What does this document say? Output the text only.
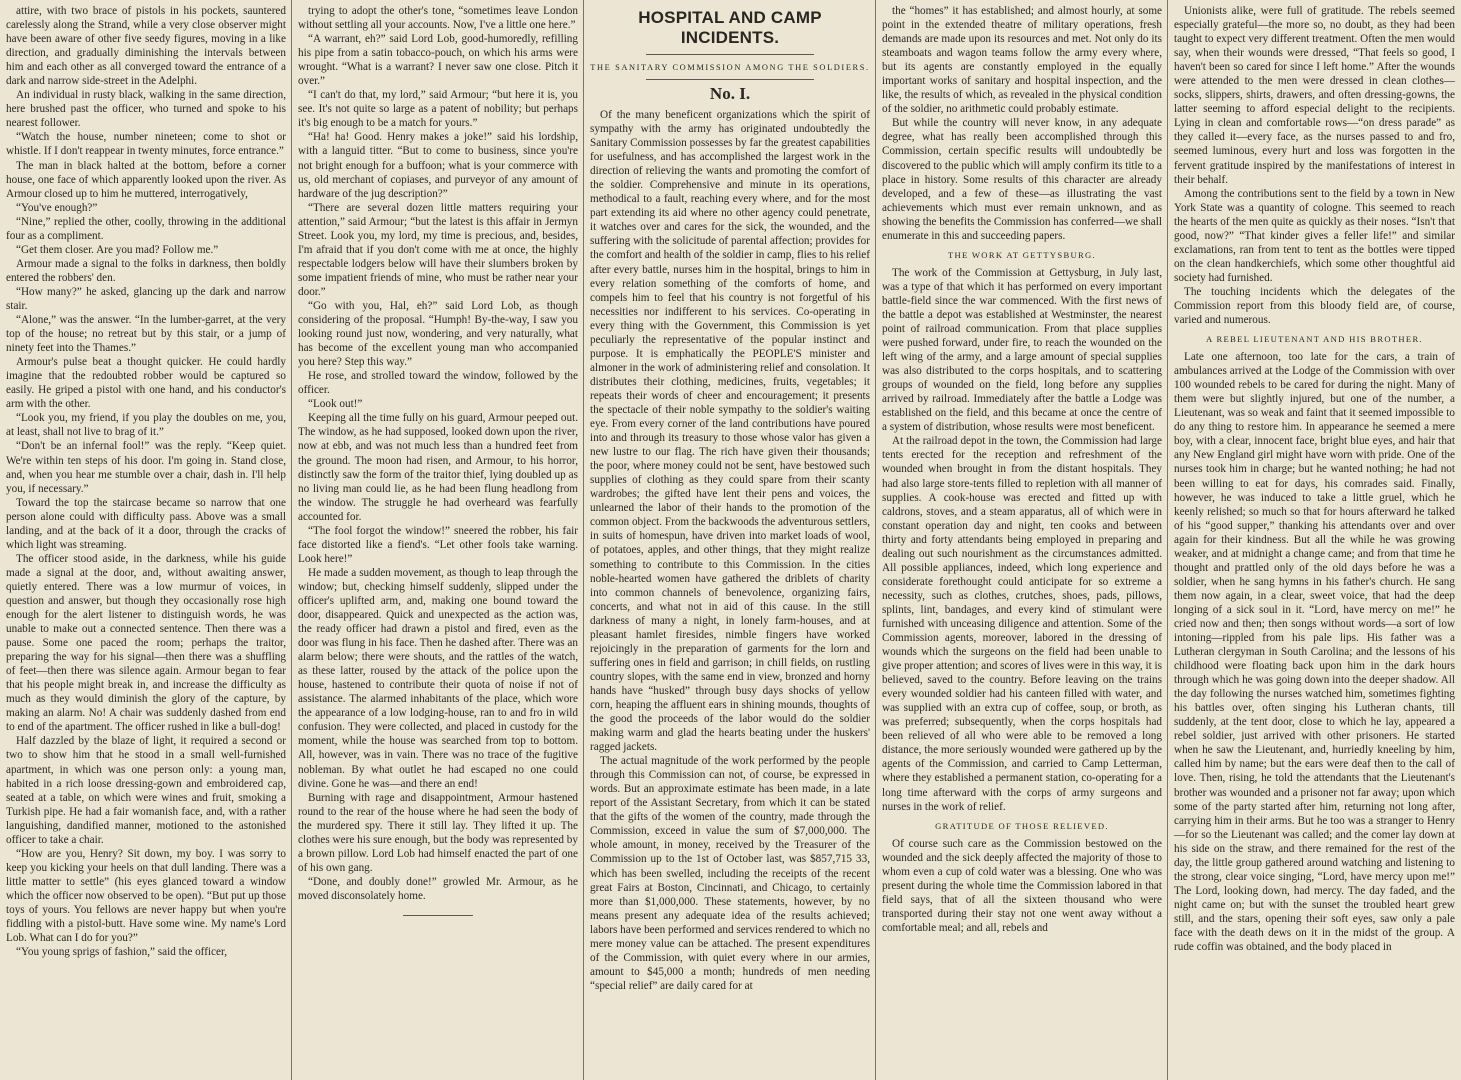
attire, with two brace of pistols in his pockets, sauntered carelessly along the Strand, while a very close observer might have been aware of other five seedy figures, moving in a like direction, and gradually diminishing the intervals between him and each other as all converged toward the entrance of a dark and narrow side-street in the Adelphi.

An individual in rusty black, walking in the same direction, here brushed past the officer, who turned and spoke to his nearest follower.

“Watch the house, number nineteen; come to shot or whistle. If I don't reappear in twenty minutes, force entrance.”

The man in black halted at the bottom, before a corner house, one face of which apparently looked upon the river. As Armour closed up to him he muttered, interrogatively,

“You've enough?”

“Nine,” replied the other, coolly, throwing in the additional four as a compliment.

“Get them closer. Are you mad? Follow me.”

Armour made a signal to the folks in darkness, then boldly entered the robbers' den.

“How many?” he asked, glancing up the dark and narrow stair.

“Alone,” was the answer. “In the lumber-garret, at the very top of the house; no retreat but by this stair, or a jump of ninety feet into the Thames.”

Armour's pulse beat a thought quicker. He could hardly imagine that the redoubted robber would be captured so easily. He griped a pistol with one hand, and his conductor's arm with the other.

“Look you, my friend, if you play the doubles on me, you, at least, shall not live to brag of it.”

“Don't be an infernal fool!” was the reply. “Keep quiet. We're within ten steps of his door. I'm going in. Stand close, and, when you hear me stumble over a chair, dash in. I'll help you, if necessary.”

Toward the top the staircase became so narrow that one person alone could with difficulty pass. Above was a small landing, and at the back of it a door, through the cracks of which light was streaming.

The officer stood aside, in the darkness, while his guide made a signal at the door, and, without awaiting answer, quietly entered. There was a low murmur of voices, in question and answer, but though they occasionally rose high enough for the alert listener to distinguish words, he was unable to make out a connected sentence. Then there was a pause. Some one paced the room; perhaps the traitor, preparing the way for his signal—then there was a shuffling of feet—then there was silence again. Armour began to fear that his people might break in, and increase the difficulty as much as they would diminish the glory of the capture, by making an alarm. No! A chair was suddenly dashed from end to end of the apartment. The officer rushed in like a bull-dog!

Half dazzled by the blaze of light, it required a second or two to show him that he stood in a small well-furnished apartment, in which was one person only: a young man, habited in a rich loose dressing-gown and embroidered cap, seated at a table, on which were wines and fruit, smoking a Turkish pipe. He had a fair womanish face, and, with a rather languishing, dandified manner, motioned to the astonished officer to take a chair.

“How are you, Henry? Sit down, my boy. I was sorry to keep you kicking your heels on that dull landing. There was a little matter to settle” (his eyes glanced toward a window which the officer now observed to be open). “But put up those toys of yours. You fellows are never happy but when you're fiddling with a pistol-butt. Have some wine. My name's Lord Lob. What can I do for you?”

“You young sprigs of fashion,” said the officer,

trying to adopt the other's tone, “sometimes leave London without settling all your accounts. Now, I've a little one here.”

“A warrant, eh?” said Lord Lob, good-humoredly, refilling his pipe from a satin tobacco-pouch, on which his arms were wrought. “What is a warrant? I never saw one close. Pitch it over.”

“I can't do that, my lord,” said Armour; “but here it is, you see. It's not quite so large as a patent of nobility; but perhaps it's big enough to be a match for yours.”

“Ha! ha! Good. Henry makes a joke!” said his lordship, with a languid titter. “But to come to business, since you're not bright enough for a buffoon; what is your commerce with us, old merchant of copiases, and purveyor of any amount of hardware of the jug description?”

“There are several dozen little matters requiring your attention,” said Armour; “but the latest is this affair in Jermyn Street. Look you, my lord, my time is precious, and, besides, I'm afraid that if you don't come with me at once, the highly respectable lodgers below will have their slumbers broken by some impatient friends of mine, who must be rather near your door.”

“Go with you, Hal, eh?” said Lord Lob, as though considering of the proposal. “Humph! By-the-way, I saw you looking round just now, wondering, and very naturally, what has become of the excellent young man who accompanied you here? Step this way.”

He rose, and strolled toward the window, followed by the officer.

“Look out!”

Keeping all the time fully on his guard, Armour peeped out. The window, as he had supposed, looked down upon the river, now at ebb, and was not much less than a hundred feet from the ground. The moon had risen, and Armour, to his horror, distinctly saw the form of the traitor thief, lying doubled up as no living man could lie, as he had been flung headlong from the window. The struggle he had overheard was fearfully accounted for.

“The fool forgot the window!” sneered the robber, his fair face distorted like a fiend's. “Let other fools take warning. Look here!”

He made a sudden movement, as though to leap through the window; but, checking himself suddenly, slipped under the officer's uplifted arm, and, making one bound toward the door, disappeared. Quick and unexpected as the action was, the ready officer had drawn a pistol and fired, even as the door was flung in his face. Then he dashed after. There was an alarm below; there were shouts, and the rattles of the watch, as these latter, roused by the attack of the police upon the house, hastened to contribute their quota of noise if not of assistance. The alarmed inhabitants of the place, which wore the appearance of a low lodging-house, ran to and fro in wild confusion. They were collected, and placed in custody for the moment, while the house was searched from top to bottom. All, however, was in vain. There was no trace of the fugitive nobleman. By what outlet he had escaped no one could divine. Gone he was—and there an end!

Burning with rage and disappointment, Armour hastened round to the rear of the house where he had seen the body of the murdered spy. There it still lay. They lifted it up. The clothes were his sure enough, but the body was represented by a brown pillow. Lord Lob had himself enacted the part of one of his own gang.

“Done, and doubly done!” growled Mr. Armour, as he moved disconsolately home.

HOSPITAL AND CAMP INCIDENTS.
THE SANITARY COMMISSION AMONG THE SOLDIERS.
No. I.

Of the many beneficent organizations which the spirit of sympathy with the army has originated undoubtedly the Sanitary Commission possesses by far the greatest capabilities for usefulness, and has accomplished the largest work in the direction of relieving the wants and promoting the comfort of the soldier. Comprehensive and minute in its operations, methodical to a fault, reaching every where, and for the most part extending its aid where no other agency could penetrate, it watches over and cares for the sick, the wounded, and the suffering with the solicitude of parental affection; provides for the comfort and health of the soldier in camp, flies to his relief after every battle, nurses him in the hospital, brings to him in every relation something of the comforts of home, and compels him to feel that his country is not forgetful of his necessities nor indifferent to his services. Co-operating in every thing with the Government, this Commission is yet peculiarly the representative of the popular instinct and purpose. It is emphatically the PEOPLE'S minister and almoner in the work of administering relief and consolation. It distributes their clothing, medicines, fruits, vegetables; it repeats their words of cheer and encouragement; it presents the spectacle of their noble sympathy to the soldier's waiting eye. From every corner of the land contributions have poured into and through its treasury to those whose valor has given a new lustre to our flag. The rich have given their thousands; the poor, where money could not be sent, have bestowed such supplies of clothing as they could spare from their scanty wardrobes; the gifted have lent their pens and voices, the unlearned the labor of their hands to the promotion of the common object. From the backwoods the adventurous settlers, in suits of homespun, have driven into market loads of wool, of potatoes, apples, and other things, that they might realize something to contribute to this Commission. In the cities noble-hearted women have gathered the driblets of charity into common channels of benevolence, organizing fairs, concerts, and what not in aid of this cause. In the still darkness of many a night, in lonely farm-houses, and at pleasant hamlet firesides, nimble fingers have worked rejoicingly in the preparation of garments for the lorn and suffering ones in field and garrison; in chill fields, on rustling country slopes, with the same end in view, bronzed and horny hands have “husked” through busy days shocks of yellow corn, heaping the affluent ears in shining mounds, thoughts of the good the proceeds of the labor would do the soldier making warm and glad the hearts beating under the huskers' ragged jackets.

The actual magnitude of the work performed by the people through this Commission can not, of course, be expressed in words. But an approximate estimate has been made, in a late report of the Assistant Secretary, from which it can be stated that the gifts of the women of the country, made through the Commission, exceed in value the sum of $7,000,000. The whole amount, in money, received by the Treasurer of the Commission up to the 1st of October last, was $857,715 33, which has been swelled, including the receipts of the recent great Fairs at Boston, Cincinnati, and Chicago, to certainly more than $1,000,000. These statements, however, by no means present any adequate idea of the results achieved; labors have been performed and services rendered to which no mere money value can be attached. The present expenditures of the Commission, with quiet every where in our armies, amount to $45,000 a month; hundreds of men needing “special relief” are daily cared for at

the “homes” it has established; and almost hourly, at some point in the extended theatre of military operations, fresh demands are made upon its resources and met. Not only do its steamboats and wagon teams follow the army every where, but its agents are constantly employed in the equally important works of sanitary and hospital inspection, and the like, the results of which, as revealed in the physical condition of the soldier, no arithmetic could probably estimate.

But while the country will never know, in any adequate degree, what has really been accomplished through this Commission, certain specific results will undoubtedly be discovered to the public which will amply confirm its title to a place in history. Some results of this character are already developed, and a few of these—as illustrating the vast achievements which must ever remain unknown, and as showing the benefits the Commission has conferred—we shall enumerate in this and succeeding papers.

THE WORK AT GETTYSBURG.

The work of the Commission at Gettysburg, in July last, was a type of that which it has performed on every important battle-field since the war commenced. With the first news of the battle a depot was established at Westminster, the nearest point of railroad communication. From that place supplies were pushed forward, under fire, to reach the wounded on the left wing of the army, and a large amount of special supplies was also distributed to the corps hospitals, and to scattering groups of wounded on the field, long before any supplies arrived by railroad. Immediately after the battle a Lodge was established on the field, and this became at once the centre of a system of distribution, whose results were most beneficent.

At the railroad depot in the town, the Commission had large tents erected for the reception and refreshment of the wounded when brought in from the distant hospitals. They had also large store-tents filled to repletion with all manner of supplies. A cook-house was erected and fitted up with caldrons, stoves, and a steam apparatus, all of which were in constant operation day and night, ten cooks and between thirty and forty attendants being employed in preparing and dealing out such nourishment as the circumstances admitted. All possible appliances, indeed, which long experience and considerate forethought could anticipate for so extreme a necessity, such as clothes, crutches, shoes, pads, pillows, splints, lint, bandages, and every kind of stimulant were furnished with unceasing diligence and attention. Some of the Commission agents, moreover, labored in the dressing of wounds which the surgeons on the field had been unable to give proper attention; and scores of lives were in this way, it is believed, saved to the country. Before leaving on the trains every wounded soldier had his canteen filled with water, and was supplied with an extra cup of coffee, soup, or broth, as was preferred; subsequently, when the corps hospitals had been relieved of all who were able to be removed a long distance, the more seriously wounded were gathered up by the agents of the Commission, and carried to Camp Letterman, where they established a permanent station, co-operating for a long time afterward with the corps of army surgeons and nurses in the work of relief.

GRATITUDE OF THOSE RELIEVED.

Of course such care as the Commission bestowed on the wounded and the sick deeply affected the majority of those to whom even a cup of cold water was a blessing. One who was present during the whole time the Commission labored in that field says, that of all the sixteen thousand who were transported during their stay not one went away without a comfortable meal; and all, rebels and

Unionists alike, were full of gratitude. The rebels seemed especially grateful—the more so, no doubt, as they had been taught to expect very different treatment. Often the men would say, when their wounds were dressed, “That feels so good, I haven't been so cared for since I left home.” After the wounds were attended to the men were dressed in clean clothes—socks, slippers, shirts, drawers, and often dressing-gowns, the latter seeming to afford especial delight to the recipients. Lying in clean and comfortable rows—“on dress parade” as they called it—every face, as the nurses passed to and fro, seemed luminous, every hurt and loss was forgotten in the fervent gratitude inspired by the manifestations of interest in their behalf.

Among the contributions sent to the field by a town in New York State was a quantity of cologne. This seemed to reach the hearts of the men quite as quickly as their noses. “Isn't that good, now?” “That kinder gives a feller life!” and similar exclamations, ran from tent to tent as the bottles were tipped on the clean handkerchiefs, which some other thoughtful aid society had furnished.

The touching incidents which the delegates of the Commission report from this bloody field are, of course, varied and numerous.

A REBEL LIEUTENANT AND HIS BROTHER.

Late one afternoon, too late for the cars, a train of ambulances arrived at the Lodge of the Commission with over 100 wounded rebels to be cared for during the night. Many of them were but slightly injured, but one of the number, a Lieutenant, was so weak and faint that it seemed impossible to do any thing to restore him. In appearance he seemed a mere boy, with a clear, innocent face, bright blue eyes, and hair that any New England girl might have worn with pride. One of the nurses took him in charge; but he wanted nothing; he had not been willing to eat for days, his comrades said. Finally, however, he was induced to take a little gruel, which he keenly relished; so much so that for hours afterward he talked of his “good supper,” thanking his attendants over and over again for their kindness. But all the while he was growing weaker, and at midnight a change came; and from that time he thought and prattled only of the old days before he was a soldier, when he sang hymns in his father's church. He sang them now again, in a clear, sweet voice, that had the deep longing of a sick soul in it. “Lord, have mercy on me!” he cried now and then; then songs without words—a sort of low intoning—rippled from his pale lips. His father was a Lutheran clergyman in South Carolina; and the lessons of his childhood were floating back upon him in the dark hours through which he was going down into the deeper shadow. All the day following the nurses watched him, sometimes fighting his battles over, often singing his Lutheran chants, till suddenly, at the tent door, close to which he lay, appeared a rebel soldier, just arrived with other prisoners. He started when he saw the Lieutenant, and, hurriedly kneeling by him, called him by name; but the ears were deaf then to the call of love. Then, rising, he told the attendants that the Lieutenant's brother was wounded and a prisoner not far away; upon which some of the party started after him, returning not long after, carrying him in their arms. But he too was a stranger to Henry—for so the Lieutenant was called; and the comer lay down at his side on the straw, and there remained for the rest of the day, the little group gathered around watching and listening to the strong, clear voice singing, “Lord, have mercy upon me!” The Lord, looking down, had mercy. The day faded, and the night came on; but with the sunset the troubled heart grew still, and the stars, opening their soft eyes, saw only a pale face with the death dews on it in the midst of the group. A rude coffin was obtained, and the body placed in
